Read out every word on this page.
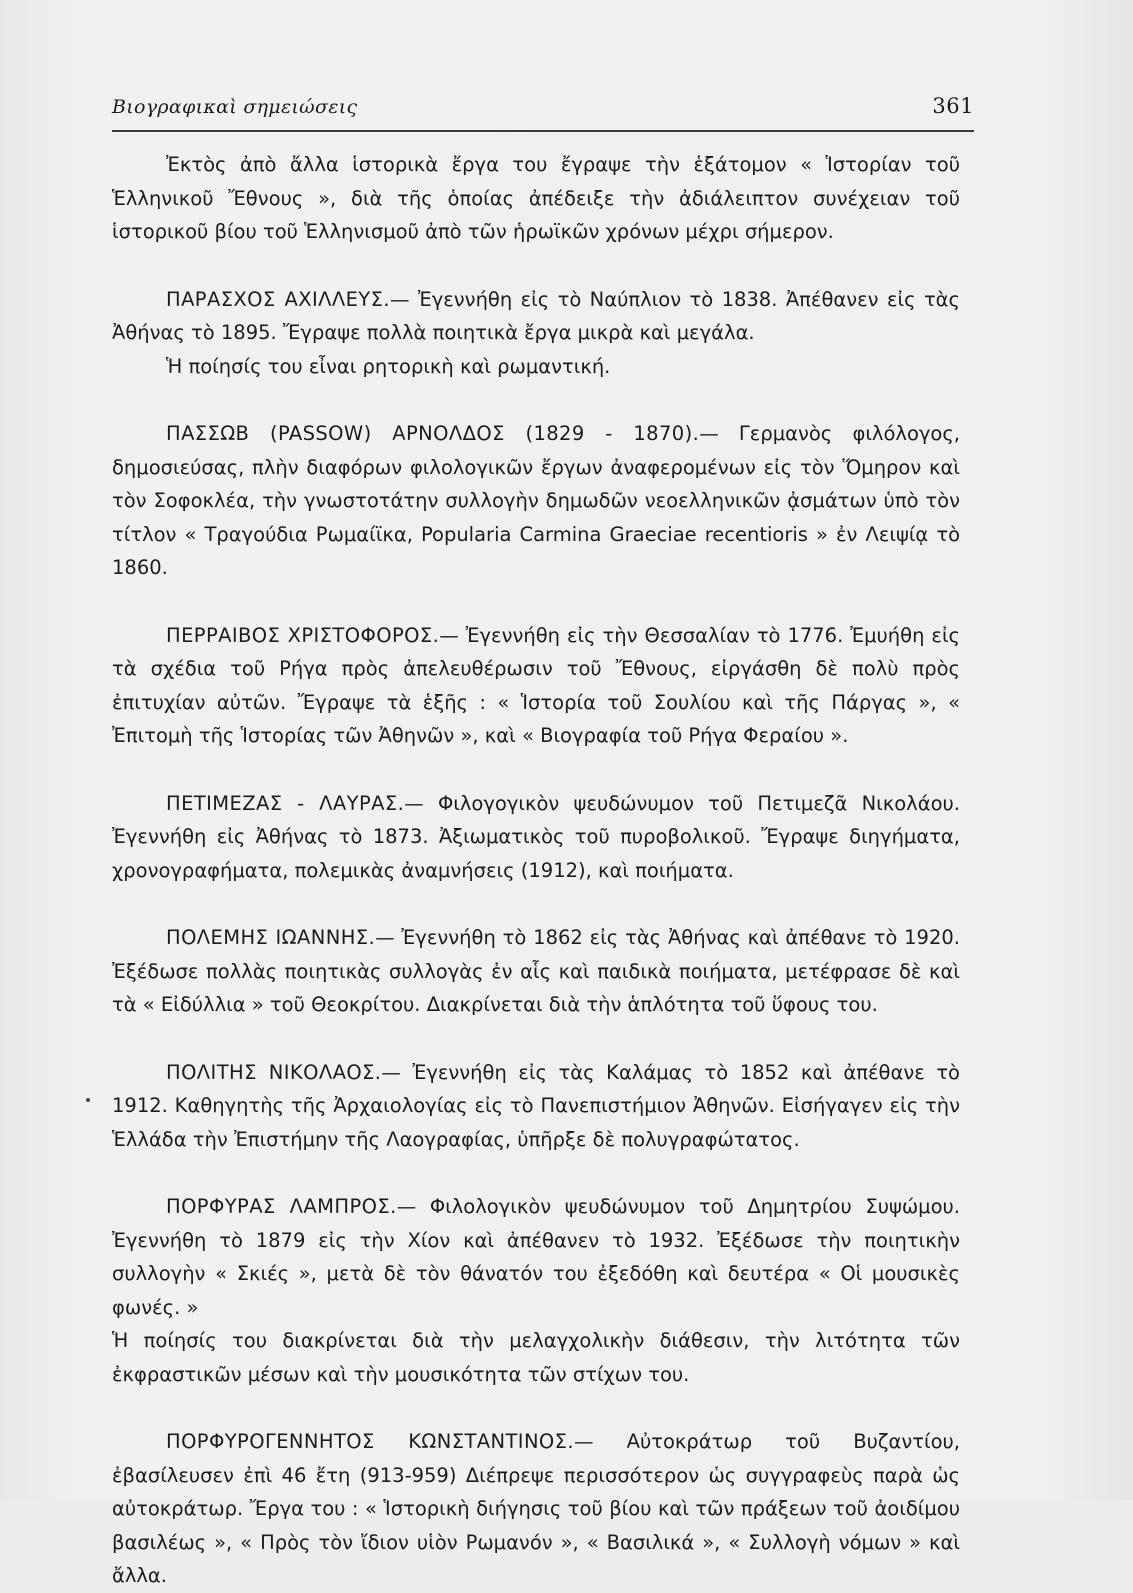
Βιογραφικαὶ σημειώσεις	361

Ἐκτὸς ἀπὸ ἄλλα ἱστορικὰ ἔργα του ἔγραψε τὴν ἑξάτομον « Ἱστορίαν τοῦ Ἑλληνικοῦ Ἔθνους », διὰ τῆς ὁποίας ἀπέδειξε τὴν ἀδιάλειπτον συνέχειαν τοῦ ἱστορικοῦ βίου τοῦ Ἑλληνισμοῦ ἀπὸ τῶν ἡρωϊκῶν χρόνων μέχρι σήμερον.

ΠΑΡΑΣΧΟΣ ΑΧΙΛΛΕΥΣ.— Ἐγεννήθη εἰς τὸ Ναύπλιον τὸ 1838. Ἀπέθανεν εἰς τὰς Ἀθήνας τὸ 1895. Ἔγραψε πολλὰ ποιητικὰ ἔργα μικρὰ καὶ μεγάλα.

Ἡ ποίησίς του εἶναι ρητορικὴ καὶ ρωμαντική.

ΠΑΣΣΩΒ (PASSOW) ΑΡΝΟΛΔΟΣ (1829 - 1870).— Γερμανὸς φιλόλογος, δημοσιεύσας, πλὴν διαφόρων φιλολογικῶν ἔργων ἀναφερομένων εἰς τὸν Ὅμηρον καὶ τὸν Σοφοκλέα, τὴν γνωστοτάτην συλλογὴν δημωδῶν νεοελληνικῶν ᾀσμάτων ὑπὸ τὸν τίτλον « Τραγούδια Ρωμαίϊκα, Popularia Carmina Graeciae recentioris » ἐν Λειψίᾳ τὸ 1860.

ΠΕΡΡΑΙΒΟΣ ΧΡΙΣΤΟΦΟΡΟΣ.— Ἐγεννήθη εἰς τὴν Θεσσαλίαν τὸ 1776. Ἐμυήθη εἰς τὰ σχέδια τοῦ Ρήγα πρὸς ἀπελευθέρωσιν τοῦ Ἔθνους, εἰργάσθη δὲ πολὺ πρὸς ἐπιτυχίαν αὐτῶν. Ἔγραψε τὰ ἑξῆς : « Ἱστορία τοῦ Σουλίου καὶ τῆς Πάργας », « Ἐπιτομὴ τῆς Ἱστορίας τῶν Ἀθηνῶν », καὶ « Βιογραφία τοῦ Ρήγα Φεραίου ».

ΠΕΤΙΜΕΖΑΣ - ΛΑΥΡΑΣ.— Φιλογογικὸν ψευδώνυμον τοῦ Πετιμεζᾶ Νικολάου. Ἐγεννήθη εἰς Ἀθήνας τὸ 1873. Ἀξιωματικὸς τοῦ πυροβολικοῦ. Ἔγραψε διηγήματα, χρονογραφήματα, πολεμικὰς ἀναμνήσεις (1912), καὶ ποιήματα.

ΠΟΛΕΜΗΣ ΙΩΑΝΝΗΣ.— Ἐγεννήθη τὸ 1862 εἰς τὰς Ἀθήνας καὶ ἀπέθανε τὸ 1920. Ἐξέδωσε πολλὰς ποιητικὰς συλλογὰς ἐν αἷς καὶ παιδικὰ ποιήματα, μετέφρασε δὲ καὶ τὰ « Εἰδύλλια » τοῦ Θεοκρίτου. Διακρίνεται διὰ τὴν ἁπλότητα τοῦ ὕφους του.

ΠΟΛΙΤΗΣ ΝΙΚΟΛΑΟΣ.— Ἐγεννήθη εἰς τὰς Καλάμας τὸ 1852 καὶ ἀπέθανε τὸ 1912. Καθηγητὴς τῆς Ἀρχαιολογίας εἰς τὸ Πανεπιστήμιον Ἀθηνῶν. Εἰσήγαγεν εἰς τὴν Ἑλλάδα τὴν Ἐπιστήμην τῆς Λαογραφίας, ὑπῆρξε δὲ πολυγραφώτατος.

ΠΟΡΦΥΡΑΣ ΛΑΜΠΡΟΣ.— Φιλολογικὸν ψευδώνυμον τοῦ Δημητρίου Συψώμου. Ἐγεννήθη τὸ 1879 εἰς τὴν Χίον καὶ ἀπέθανεν τὸ 1932. Ἐξέδωσε τὴν ποιητικὴν συλλογὴν « Σκιές », μετὰ δὲ τὸν θάνατόν του ἐξεδόθη καὶ δευτέρα « Οἱ μουσικὲς φωνές. »

Ἡ ποίησίς του διακρίνεται διὰ τὴν μελαγχολικὴν διάθεσιν, τὴν λιτότητα τῶν ἐκφραστικῶν μέσων καὶ τὴν μουσικότητα τῶν στίχων του.

ΠΟΡΦΥΡΟΓΕΝΝΗΤΟΣ ΚΩΝΣΤΑΝΤΙΝΟΣ.— Αὐτοκράτωρ τοῦ Βυζαντίου, ἐβασίλευσεν ἐπὶ 46 ἔτη (913-959) Διέπρεψε περισσότερον ὡς συγγραφεὺς παρὰ ὡς αὐτοκράτωρ. Ἔργα του : « Ἱστορικὴ διήγησις τοῦ βίου καὶ τῶν πράξεων τοῦ ἀοιδίμου βασιλέως », « Πρὸς τὸν ἴδιον υἱὸν Ρωμανόν », « Βασιλικά », « Συλλογὴ νόμων » καὶ ἄλλα.
